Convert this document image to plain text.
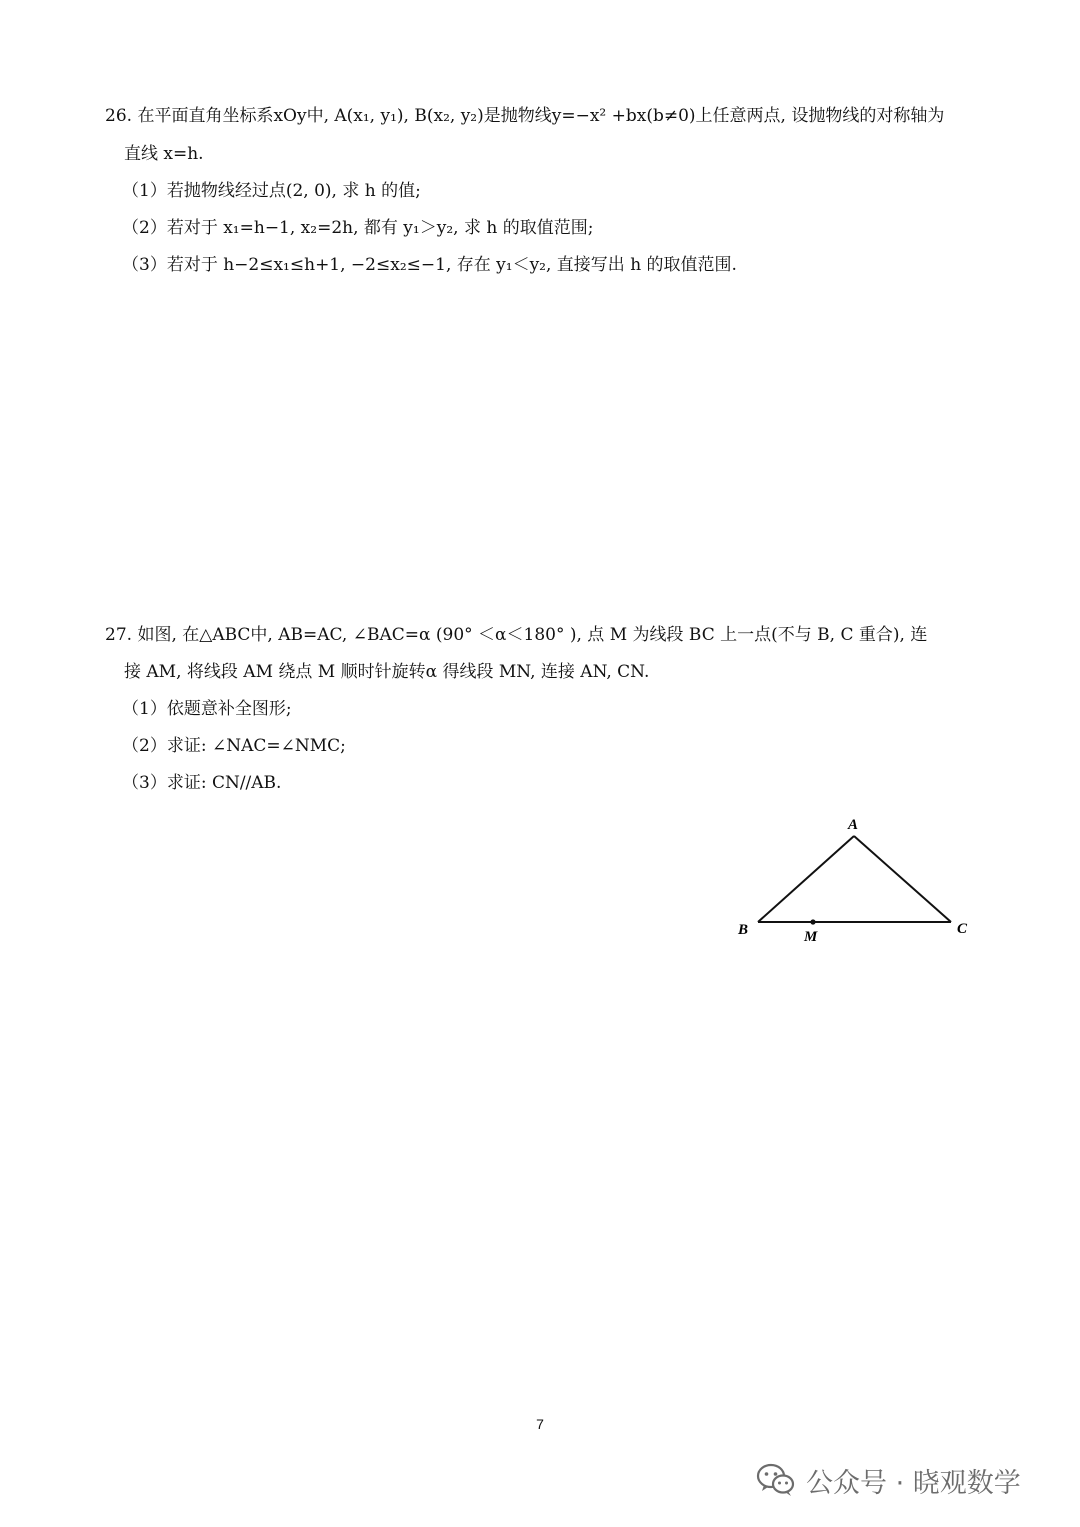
26. 在平面直角坐标系xOy中, A(x₁, y₁), B(x₂, y₂)是抛物线y=−x² +bx(b≠0)上任意两点, 设抛物线的对称轴为
直线 x=h.
（1）若抛物线经过点(2, 0), 求 h 的值;
（2）若对于 x₁=h−1, x₂=2h, 都有 y₁＞y₂, 求 h 的取值范围;
（3）若对于 h−2≤x₁≤h+1, −2≤x₂≤−1, 存在 y₁＜y₂, 直接写出 h 的取值范围.
27. 如图, 在△ABC中, AB=AC, ∠BAC=α (90° ＜α＜180° ), 点 M 为线段 BC 上一点(不与 B, C 重合), 连
接 AM, 将线段 AM 绕点 M 顺时针旋转α 得线段 MN, 连接 AN, CN.
（1）依题意补全图形;
（2）求证: ∠NAC=∠NMC;
（3）求证: CN∕∕AB.
A
B	C
M
7
公众号 · 晓观数学
